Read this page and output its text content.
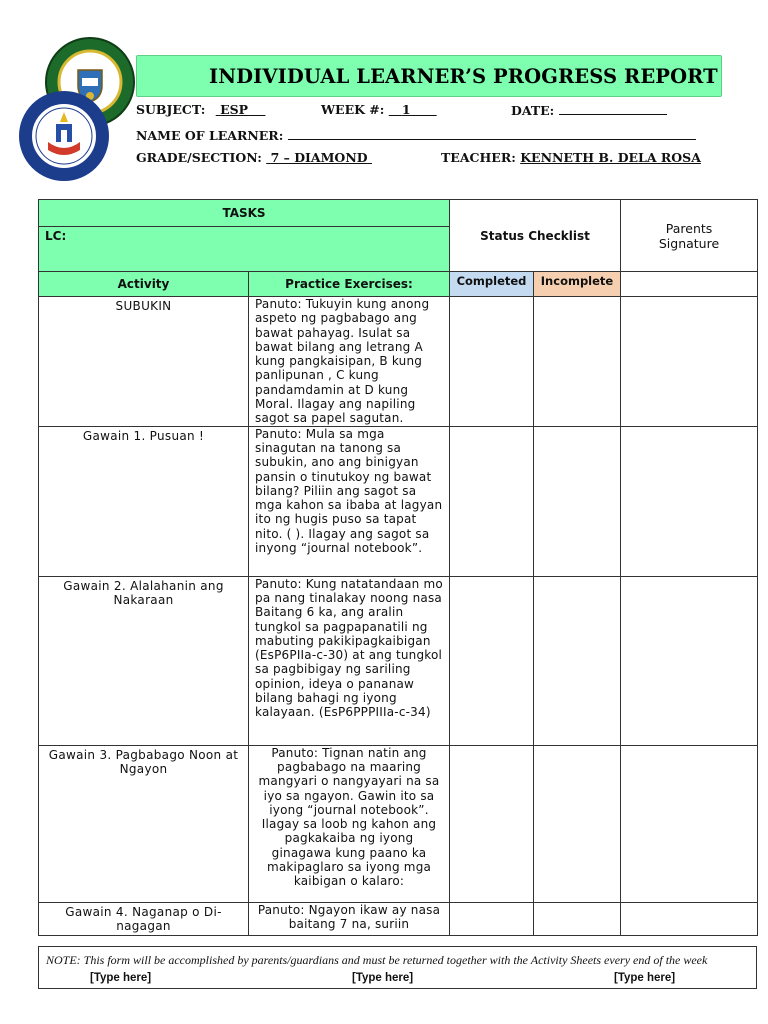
INDIVIDUAL LEARNER’S PROGRESS REPORT
SUBJECT: ESP	WEEK #: 1	DATE:
NAME OF LEARNER:
GRADE/SECTION: 7 – DIAMOND	TEACHER: KENNETH B. DELA ROSA
TASKS		Status Checklist		Parents Signature
LC:				
Activity	Practice Exercises:	Completed	Incomplete	
SUBUKIN	Panuto: Tukuyin kung anong aspeto ng pagbabago ang bawat pahayag. Isulat sa bawat bilang ang letrang A kung pangkaisipan, B kung panlipunan , C kung pandamdamin at D kung Moral. Ilagay ang napiling sagot sa papel sagutan.			
Gawain 1. Pusuan !	Panuto: Mula sa mga sinagutan na tanong sa subukin, ano ang binigyan pansin o tinutukoy ng bawat bilang? Piliin ang sagot sa mga kahon sa ibaba at lagyan ito ng hugis puso sa tapat nito. ( ). Ilagay ang sagot sa inyong “journal notebook”.			
Gawain 2. Alalahanin ang Nakaraan	Panuto: Kung natatandaan mo pa nang tinalakay noong nasa Baitang 6 ka, ang aralin tungkol sa pagpapanatili ng mabuting pakikipagkaibigan (EsP6PIIa-c-30) at ang tungkol sa pagbibigay ng sariling opinion, ideya o pananaw bilang bahagi ng iyong kalayaan. (EsP6PPPIIIa-c-34)			
Gawain 3. Pagbabago Noon at Ngayon	Panuto: Tignan natin ang pagbabago na maaring mangyari o nangyayari na sa iyo sa ngayon. Gawin ito sa iyong “journal notebook”. Ilagay sa loob ng kahon ang pagkakaiba ng iyong ginagawa kung paano ka makipaglaro sa iyong mga kaibigan o kalaro:			
Gawain 4. Naganap o Di-nagagan	Panuto: Ngayon ikaw ay nasa baitang 7 na, suriin			
NOTE: This form will be accomplished by parents/guardians and must be returned together with the Activity Sheets every end of the week
[Type here]	[Type here]	[Type here]
